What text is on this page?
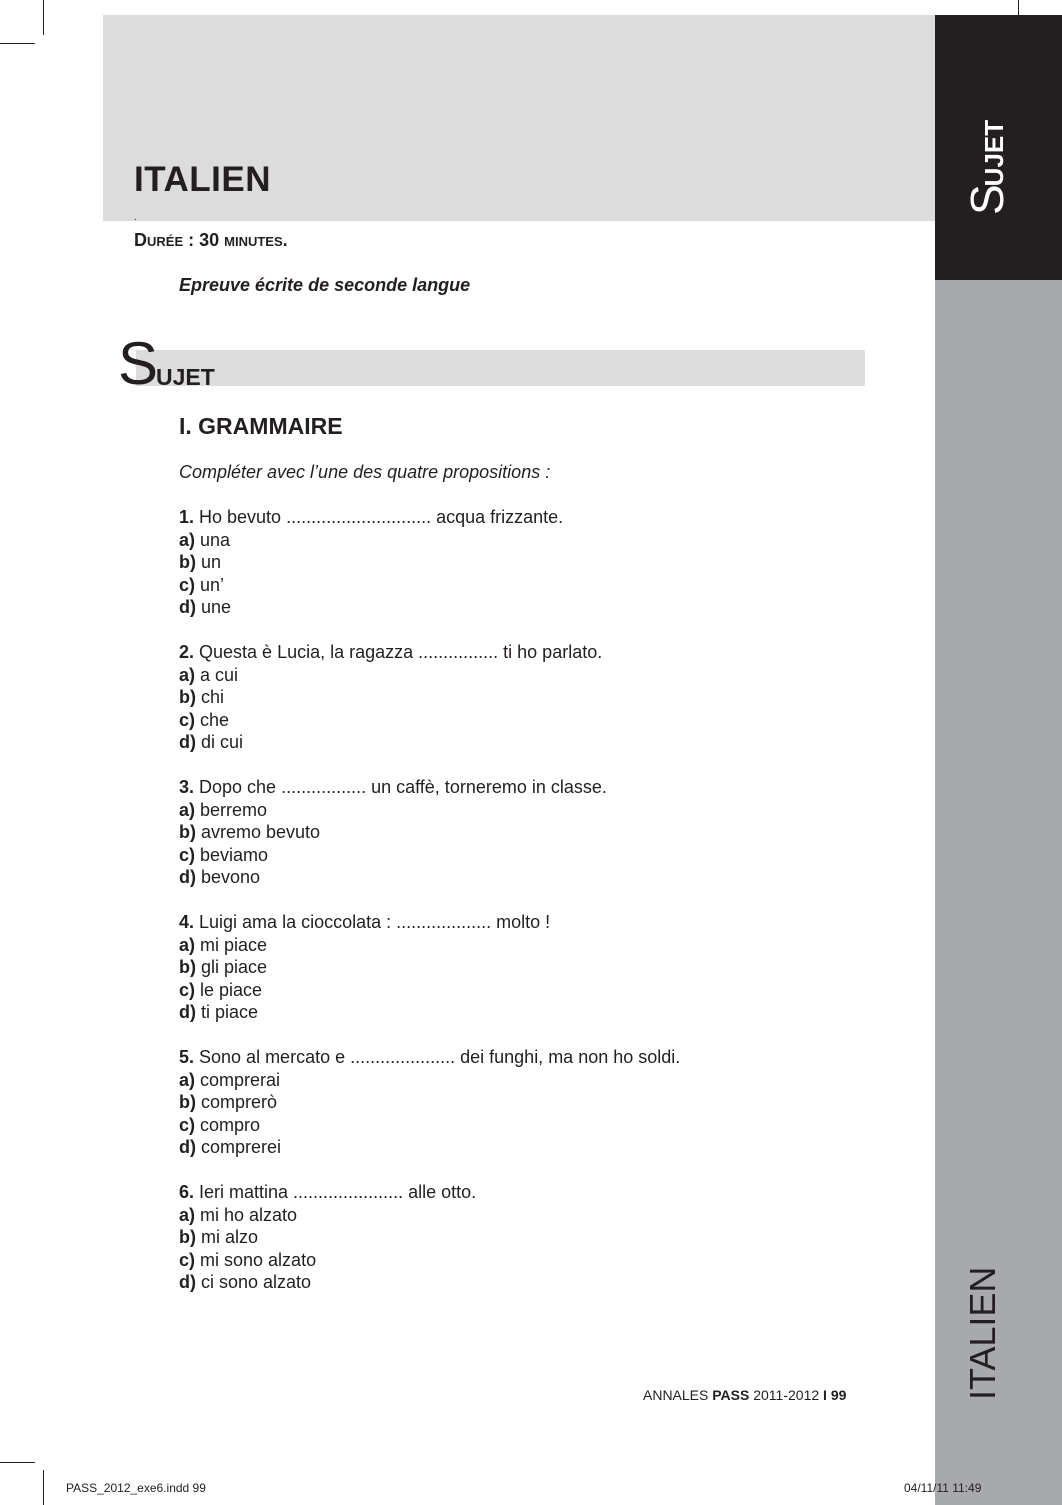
SUJET
ITALIEN
ITALIEN
.
Durée : 30 minutes.
Epreuve écrite de seconde langue
SUJET
I. GRAMMAIRE
Compléter avec l’une des quatre propositions :
1. Ho bevuto ............................. acqua frizzante.
a) una
b) un
c) un’
d) une
2. Questa è Lucia, la ragazza ................ ti ho parlato.
a) a cui
b) chi
c) che
d) di cui
3. Dopo che ................. un caffè, torneremo in classe.
a) berremo
b) avremo bevuto
c) beviamo
d) bevono
4. Luigi ama la cioccolata : ................... molto !
a) mi piace
b) gli piace
c) le piace
d) ti piace
5. Sono al mercato e ..................... dei funghi, ma non ho soldi.
a) comprerai
b) comprerò
c) compro
d) comprerei
6. Ieri mattina ...................... alle otto.
a) mi ho alzato
b) mi alzo
c) mi sono alzato
d) ci sono alzato
ANNALES PASS 2011-2012 I 99
PASS_2012_exe6.indd 99	04/11/11 11:49
